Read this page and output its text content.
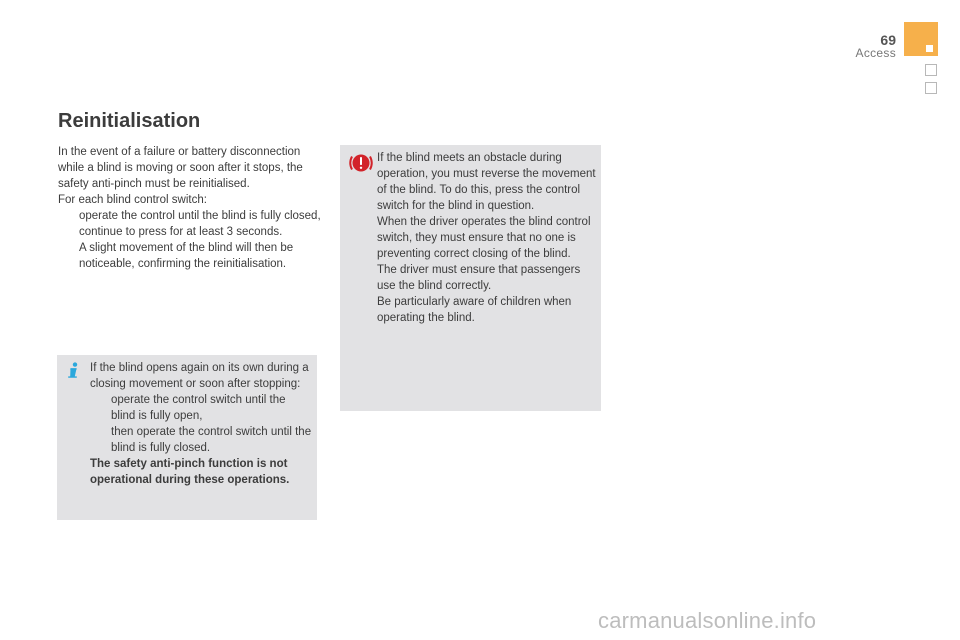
69
Access
Reinitialisation

In the event of a failure or battery disconnection while a blind is moving or soon after it stops, the safety anti-pinch must be reinitialised.

For each blind control switch:

operate the control until the blind is fully closed,
continue to press for at least 3 seconds.
A slight movement of the blind will then be noticeable, confirming the reinitialisation.

If the blind opens again on its own during a closing movement or soon after stopping:

operate the control switch until the blind is fully open,
then operate the control switch until the blind is fully closed.

The safety anti-pinch function is not operational during these operations.

If the blind meets an obstacle during operation, you must reverse the movement of the blind. To do this, press the control switch for the blind in question.

When the driver operates the blind control switch, they must ensure that no one is preventing correct closing of the blind.

The driver must ensure that passengers use the blind correctly.

Be particularly aware of children when operating the blind.

carmanualsonline.info
